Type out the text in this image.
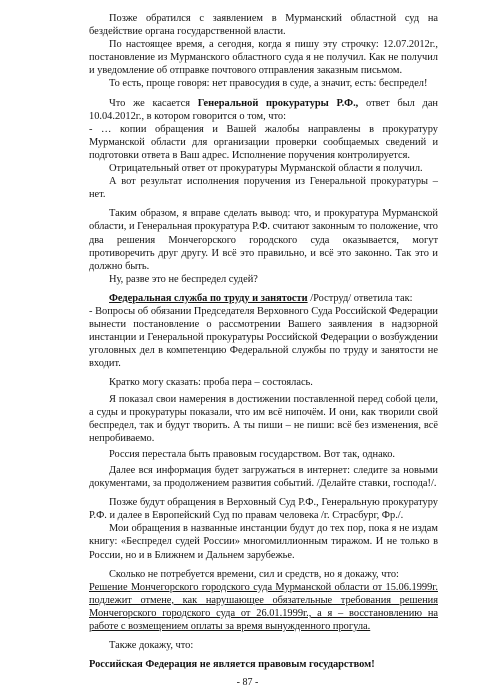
Позже обратился с заявлением в Мурманский областной суд на бездействие органа государственной власти.

По настоящее время, а сегодня, когда я пишу эту строчку: 12.07.2012г., постановление из Мурманского областного суда я не получил. Как не получил и уведомление об отправке почтового отправления заказным письмом.

То есть, проще говоря: нет правосудия в суде, а значит, есть: беспредел!

Что же касается Генеральной прокуратуры Р.Ф., ответ был дан 10.04.2012г., в котором говорится о том, что:

- … копии обращения и Вашей жалобы направлены в прокуратуру Мурманской области для организации проверки сообщаемых сведений и подготовки ответа в Ваш адрес. Исполнение поручения контролируется.

Отрицательный ответ от прокуратуры Мурманской области я получил.

А вот результат исполнения поручения из Генеральной прокуратуры – нет.

Таким образом, я вправе сделать вывод: что, и прокуратура Мурманской области, и Генеральная прокуратура Р.Ф. считают законным то положение, что два решения Мончегорского городского суда оказывается, могут противоречить друг другу. И всё это правильно, и всё это законно. Так это и должно быть.

Ну, разве это не беспредел судей?

Федеральная служба по труду и занятости /Роструд/ ответила так:

- Вопросы об обязании Председателя Верховного Суда Российской Федерации вынести постановление о рассмотрении Вашего заявления в надзорной инстанции и Генеральной прокуратуры Российской Федерации о возбуждении уголовных дел в компетенцию Федеральной службы по труду и занятости не входит.

Кратко могу сказать: проба пера – состоялась.

Я показал свои намерения в достижении поставленной перед собой цели, а суды и прокуратуры показали, что им всё нипочём. И они, как творили свой беспредел, так и будут творить. А ты пиши – не пиши: всё без изменения, всё непробиваемо.

Россия перестала быть правовым государством. Вот так, однако.

Далее вся информация будет загружаться в интернет: следите за новыми документами, за продолжением развития событий. /Делайте ставки, господа!/.

Позже будут обращения в Верховный Суд Р.Ф., Генеральную прокуратуру Р.Ф. и далее в Европейский Суд по правам человека /г. Страсбург, Фр./.

Мои обращения в названные инстанции будут до тех пор, пока я не издам книгу: «Беспредел судей России» многомиллионным тиражом. И не только в России, но и в Ближнем и Дальнем зарубежье.

Сколько не потребуется времени, сил и средств, но я докажу, что:

Решение Мончегорского городского суда Мурманской области от 15.06.1999г. подлежит отмене, как нарушающее обязательные требования решения Мончегорского городского суда от 26.01.1999г., а я – восстановлению на работе с возмещением оплаты за время вынужденного прогула.

Также докажу, что:

Российская Федерация не является правовым государством!

- 87 -
